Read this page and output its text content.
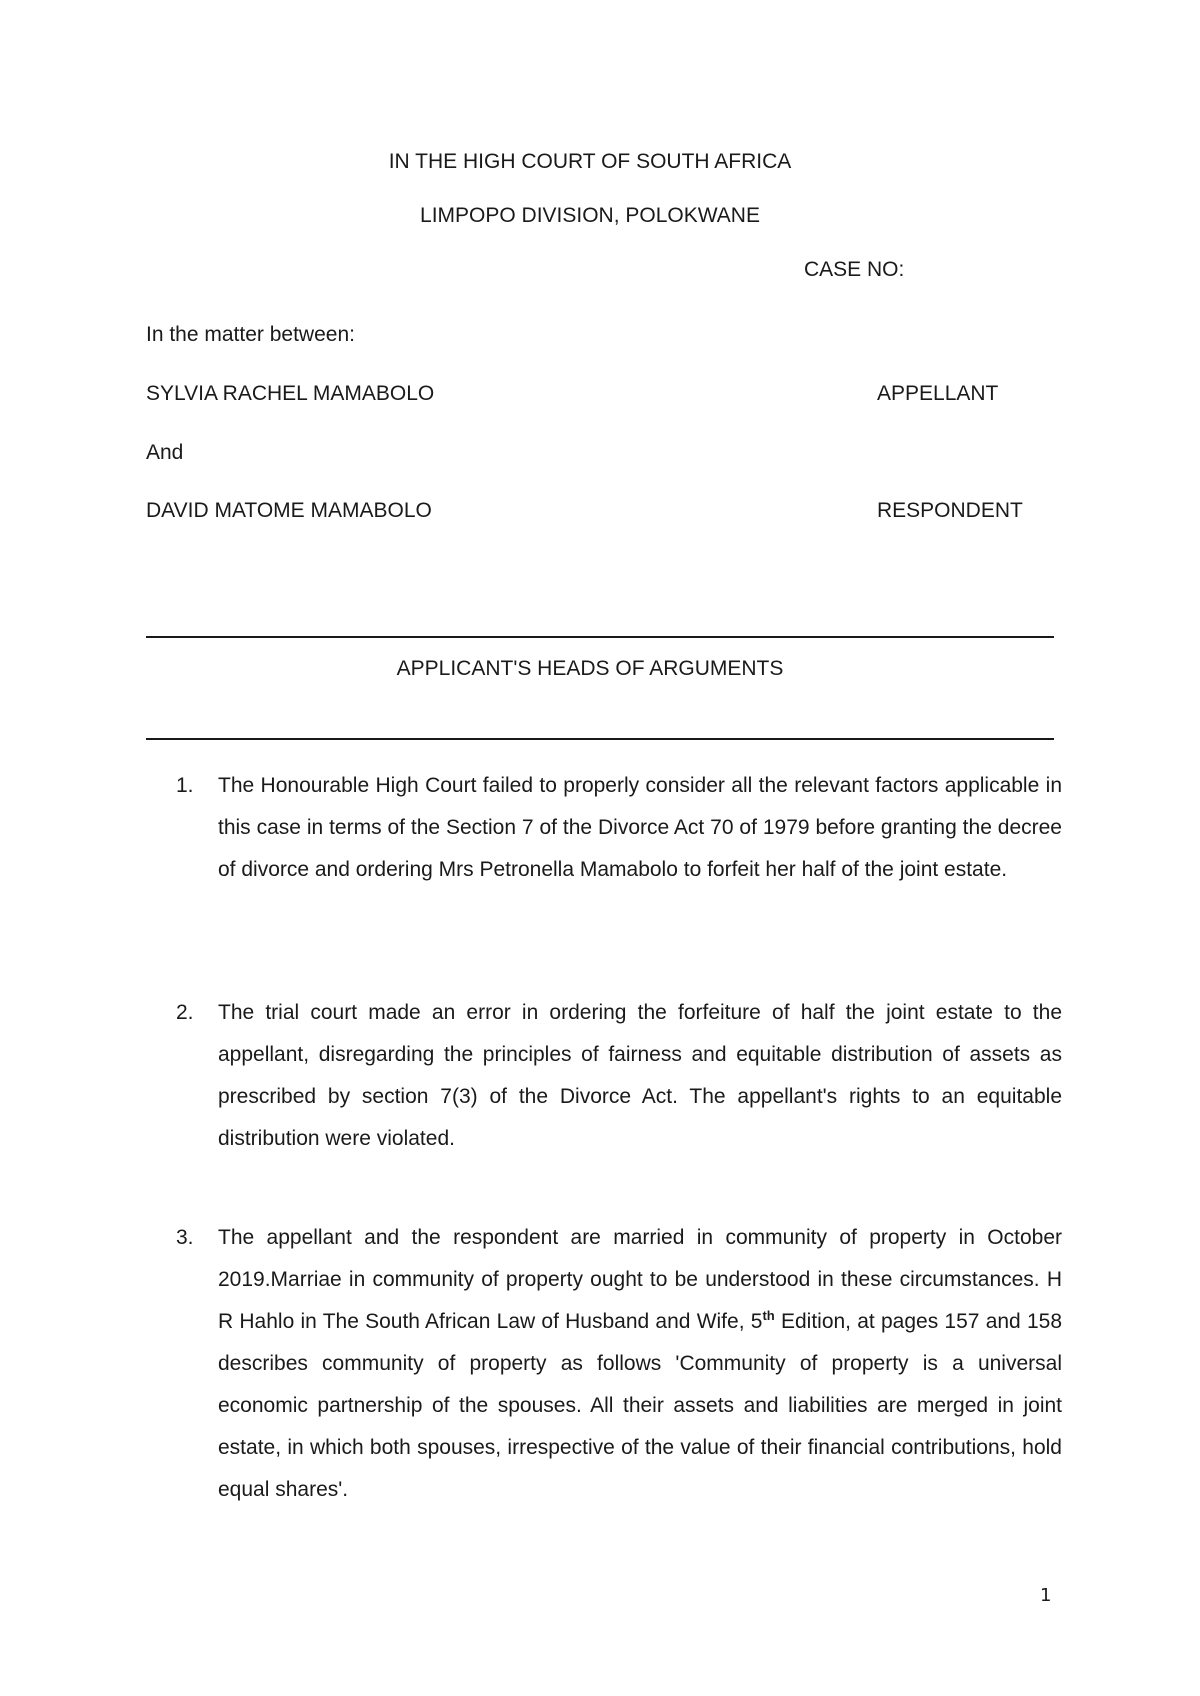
IN THE HIGH COURT OF SOUTH AFRICA
LIMPOPO DIVISION, POLOKWANE
CASE NO:
In the matter between:
SYLVIA RACHEL MAMABOLO	APPELLANT
And
DAVID MATOME MAMABOLO	RESPONDENT
APPLICANT'S HEADS OF ARGUMENTS
1.	The Honourable High Court failed to properly consider all the relevant factors applicable in this case in terms of the Section 7 of the Divorce Act 70 of 1979 before granting the decree of divorce and ordering Mrs Petronella Mamabolo to forfeit her half of the joint estate.
2.	The trial court made an error in ordering the forfeiture of half the joint estate to the appellant, disregarding the principles of fairness and equitable distribution of assets as prescribed by section 7(3) of the Divorce Act. The appellant's rights to an equitable distribution were violated.
3.	The appellant and the respondent are married in community of property in October 2019.Marriae in community of property ought to be understood in these circumstances. H R Hahlo in The South African Law of Husband and Wife, 5th Edition, at pages 157 and 158 describes community of property as follows 'Community of property is a universal economic partnership of the spouses. All their assets and liabilities are merged in joint estate, in which both spouses, irrespective of the value of their financial contributions, hold equal shares'.
1
